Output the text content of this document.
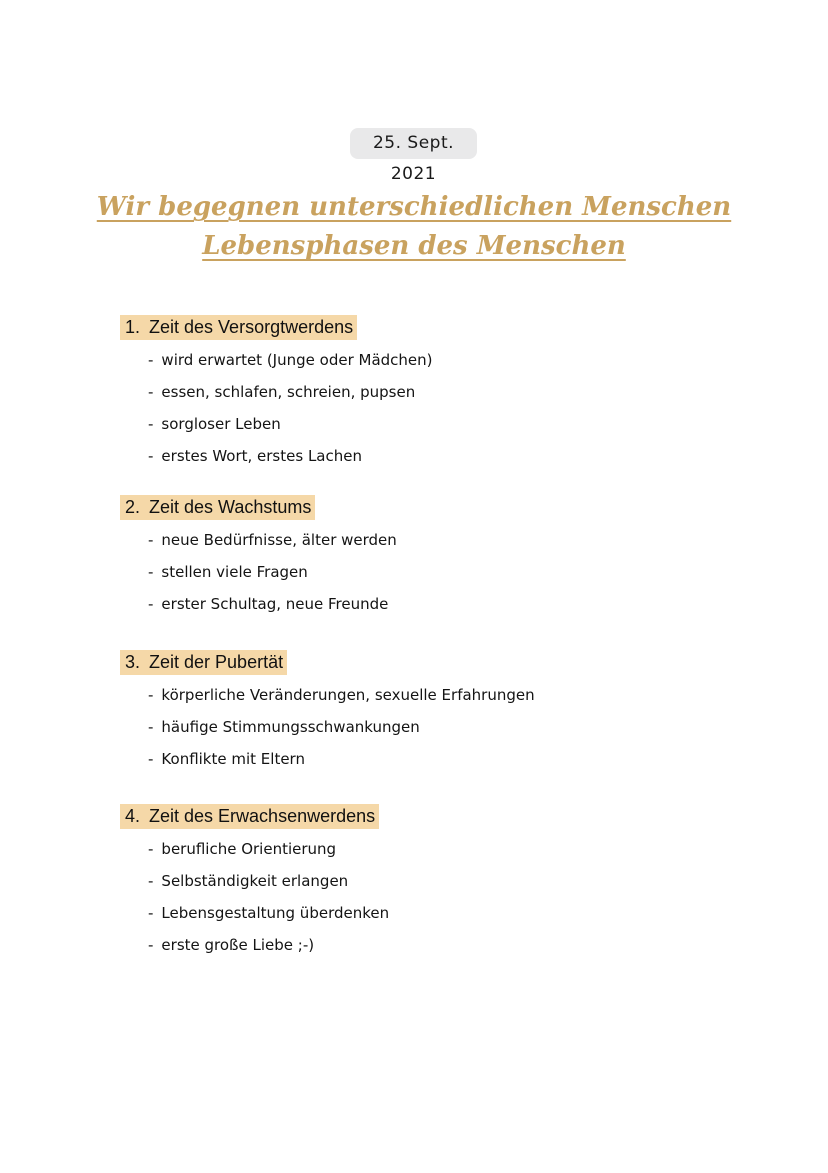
25. Sept. 2021
Wir begegnen unterschiedlichen Menschen
Lebensphasen des Menschen
1. Zeit des Versorgtwerdens
- wird erwartet (Junge oder Mädchen)
- essen, schlafen, schreien, pupsen
- sorgloser Leben
- erstes Wort, erstes Lachen
2. Zeit des Wachstums
- neue Bedürfnisse, älter werden
- stellen viele Fragen
- erster Schultag, neue Freunde
3. Zeit der Pubertät
- körperliche Veränderungen, sexuelle Erfahrungen
- häufige Stimmungsschwankungen
- Konflikte mit Eltern
4. Zeit des Erwachsenwerdens
- berufliche Orientierung
- Selbständigkeit erlangen
- Lebensgestaltung überdenken
- erste große Liebe ;-)
